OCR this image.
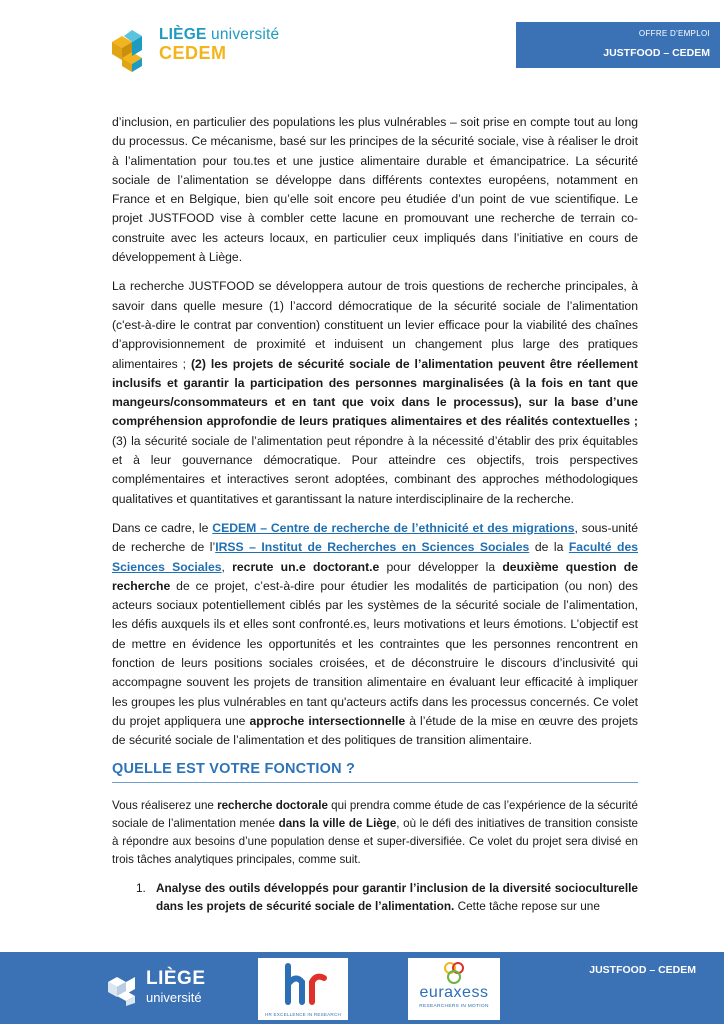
LIÈGE université
CEDEM
OFFRE D'EMPLOI
JUSTFOOD – CEDEM

d’inclusion, en particulier des populations les plus vulnérables – soit prise en compte tout au long du processus. Ce mécanisme, basé sur les principes de la sécurité sociale, vise à réaliser le droit à l’alimentation pour tou.tes et une justice alimentaire durable et émancipatrice. La sécurité sociale de l’alimentation se développe dans différents contextes européens, notamment en France et en Belgique, bien qu’elle soit encore peu étudiée d’un point de vue scientifique. Le projet JUSTFOOD vise à combler cette lacune en promouvant une recherche de terrain co-construite avec les acteurs locaux, en particulier ceux impliqués dans l’initiative en cours de développement à Liège.

La recherche JUSTFOOD se développera autour de trois questions de recherche principales, à savoir dans quelle mesure (1) l’accord démocratique de la sécurité sociale de l’alimentation (c'est-à-dire le contrat par convention) constituent un levier efficace pour la viabilité des chaînes d’approvisionnement de proximité et induisent un changement plus large des pratiques alimentaires ; (2) les projets de sécurité sociale de l’alimentation peuvent être réellement inclusifs et garantir la participation des personnes marginalisées (à la fois en tant que mangeurs/consommateurs et en tant que voix dans le processus), sur la base d’une compréhension approfondie de leurs pratiques alimentaires et des réalités contextuelles ; (3) la sécurité sociale de l’alimentation peut répondre à la nécessité d’établir des prix équitables et à leur gouvernance démocratique. Pour atteindre ces objectifs, trois perspectives complémentaires et interactives seront adoptées, combinant des approches méthodologiques qualitatives et quantitatives et garantissant la nature interdisciplinaire de la recherche.

Dans ce cadre, le CEDEM – Centre de recherche de l’ethnicité et des migrations, sous-unité de recherche de l’IRSS – Institut de Recherches en Sciences Sociales de la Faculté des Sciences Sociales, recrute un.e doctorant.e pour développer la deuxième question de recherche de ce projet, c’est-à-dire pour étudier les modalités de participation (ou non) des acteurs sociaux potentiellement ciblés par les systèmes de la sécurité sociale de l’alimentation, les défis auxquels ils et elles sont confronté.es, leurs motivations et leurs émotions. L’objectif est de mettre en évidence les opportunités et les contraintes que les personnes rencontrent en fonction de leurs positions sociales croisées, et de déconstruire le discours d’inclusivité qui accompagne souvent les projets de transition alimentaire en évaluant leur efficacité à impliquer les groupes les plus vulnérables en tant qu'acteurs actifs dans les processus concernés. Ce volet du projet appliquera une approche intersectionnelle à l’étude de la mise en œuvre des projets de sécurité sociale de l’alimentation et des politiques de transition alimentaire.

QUELLE EST VOTRE FONCTION ?

Vous réaliserez une recherche doctorale qui prendra comme étude de cas l’expérience de la sécurité sociale de l’alimentation menée dans la ville de Liège, où le défi des initiatives de transition consiste à répondre aux besoins d’une population dense et super-diversifiée. Ce volet du projet sera divisé en trois tâches analytiques principales, comme suit.

1. Analyse des outils développés pour garantir l’inclusion de la diversité socioculturelle dans les projets de sécurité sociale de l’alimentation. Cette tâche repose sur une
LIÈGE
université
HR EXCELLENCE IN RESEARCH
euraxess
RESEARCHERS IN MOTION
JUSTFOOD – CEDEM
